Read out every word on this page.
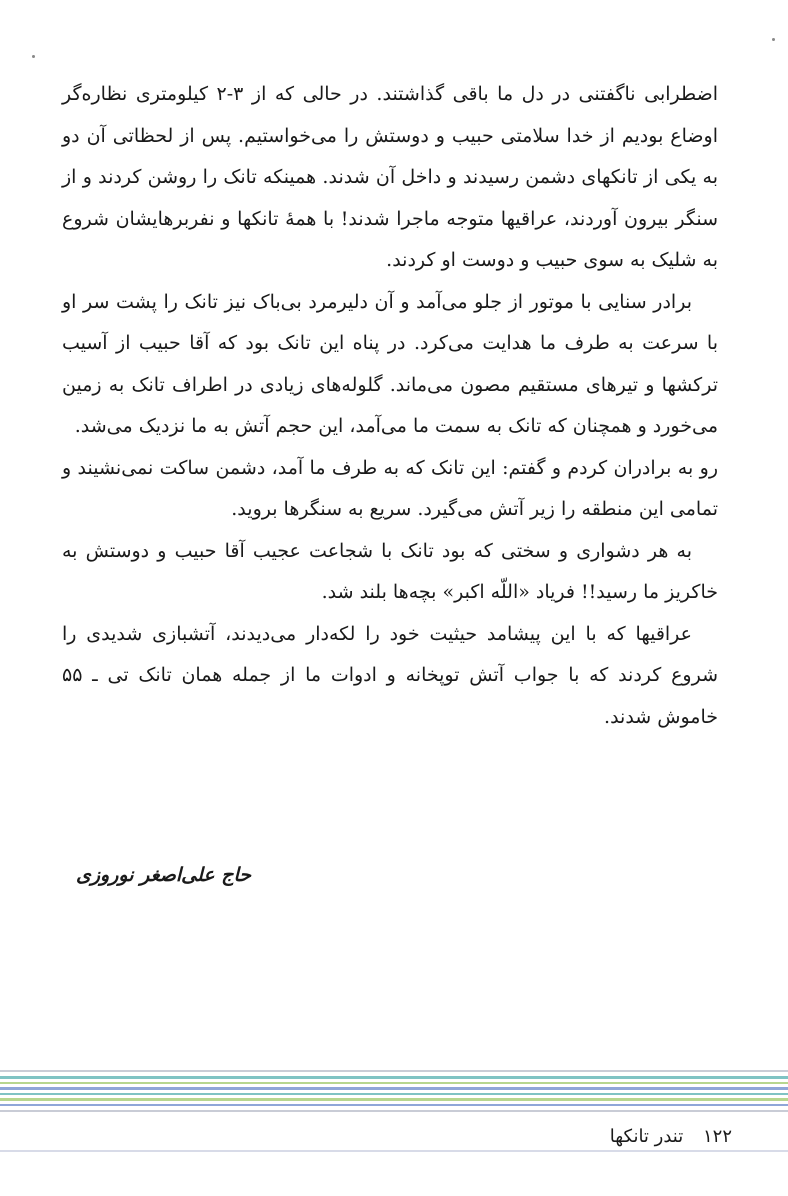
اضطرابی ناگفتنی در دل ما باقی گذاشتند. در حالی که از ۳-۲ کیلومتری نظاره‌گر اوضاع بودیم از خدا سلامتی حبیب و دوستش را می‌خواستیم. پس از لحظاتی آن دو به یکی از تانکهای دشمن رسیدند و داخل آن شدند. همینکه تانک را روشن کردند و از سنگر بیرون آوردند، عراقیها متوجه ماجرا شدند! با همهٔ تانکها و نفربرهایشان شروع به شلیک به سوی حبیب و دوست او کردند.

برادر سنایی با موتور از جلو می‌آمد و آن دلیرمرد بی‌باک نیز تانک را پشت سر او با سرعت به طرف ما هدایت می‌کرد. در پناه این تانک بود که آقا حبیب از آسیب ترکشها و تیرهای مستقیم مصون می‌ماند. گلوله‌های زیادی در اطراف تانک به زمین می‌خورد و همچنان که تانک به سمت ما می‌آمد، این حجم آتش به ما نزدیک می‌شد.

رو به برادران کردم و گفتم: این تانک که به طرف ما آمد، دشمن ساکت نمی‌نشیند و تمامی این منطقه را زیر آتش می‌گیرد. سریع به سنگرها بروید.

به هر دشواری و سختی که بود تانک با شجاعت عجیب آقا حبیب و دوستش به خاکریز ما رسید!! فریاد «اللّه اکبر» بچه‌ها بلند شد.

عراقیها که با این پیشامد حیثیت خود را لکه‌دار می‌دیدند، آتشبازی شدیدی را شروع کردند که با جواب آتش توپخانه و ادوات ما از جمله همان تانک تی ـ ۵۵ خاموش شدند.

حاج علی‌اصغر نوروزی
۱۲۲ تندر تانکها
